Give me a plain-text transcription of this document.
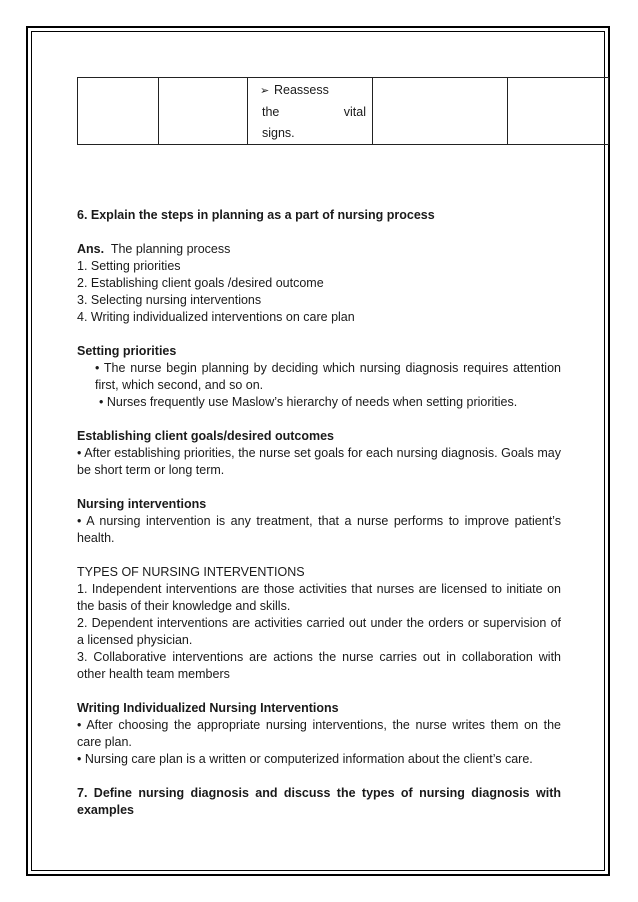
➢ Reassess
the	vital
signs.

6. Explain the steps in planning as a part of nursing process

Ans. The planning process

1. Setting priorities

2. Establishing client goals /desired outcome

3. Selecting nursing interventions

4. Writing individualized interventions on care plan

Setting priorities

• The nurse begin planning by deciding which nursing diagnosis requires attention first, which second, and so on.

• Nurses frequently use Maslow’s hierarchy of needs when setting priorities.

Establishing client goals/desired outcomes

• After establishing priorities, the nurse set goals for each nursing diagnosis. Goals may be short term or long term.

Nursing interventions

• A nursing intervention is any treatment, that a nurse performs to improve patient’s health.

TYPES OF NURSING INTERVENTIONS

1. Independent interventions are those activities that nurses are licensed to initiate on the basis of their knowledge and skills.

2. Dependent interventions are activities carried out under the orders or supervision of a licensed physician.

3. Collaborative interventions are actions the nurse carries out in collaboration with other health team members

Writing Individualized Nursing Interventions

• After choosing the appropriate nursing interventions, the nurse writes them on the care plan.

• Nursing care plan is a written or computerized information about the client’s care.

7. Define nursing diagnosis and discuss the types of nursing diagnosis with examples
